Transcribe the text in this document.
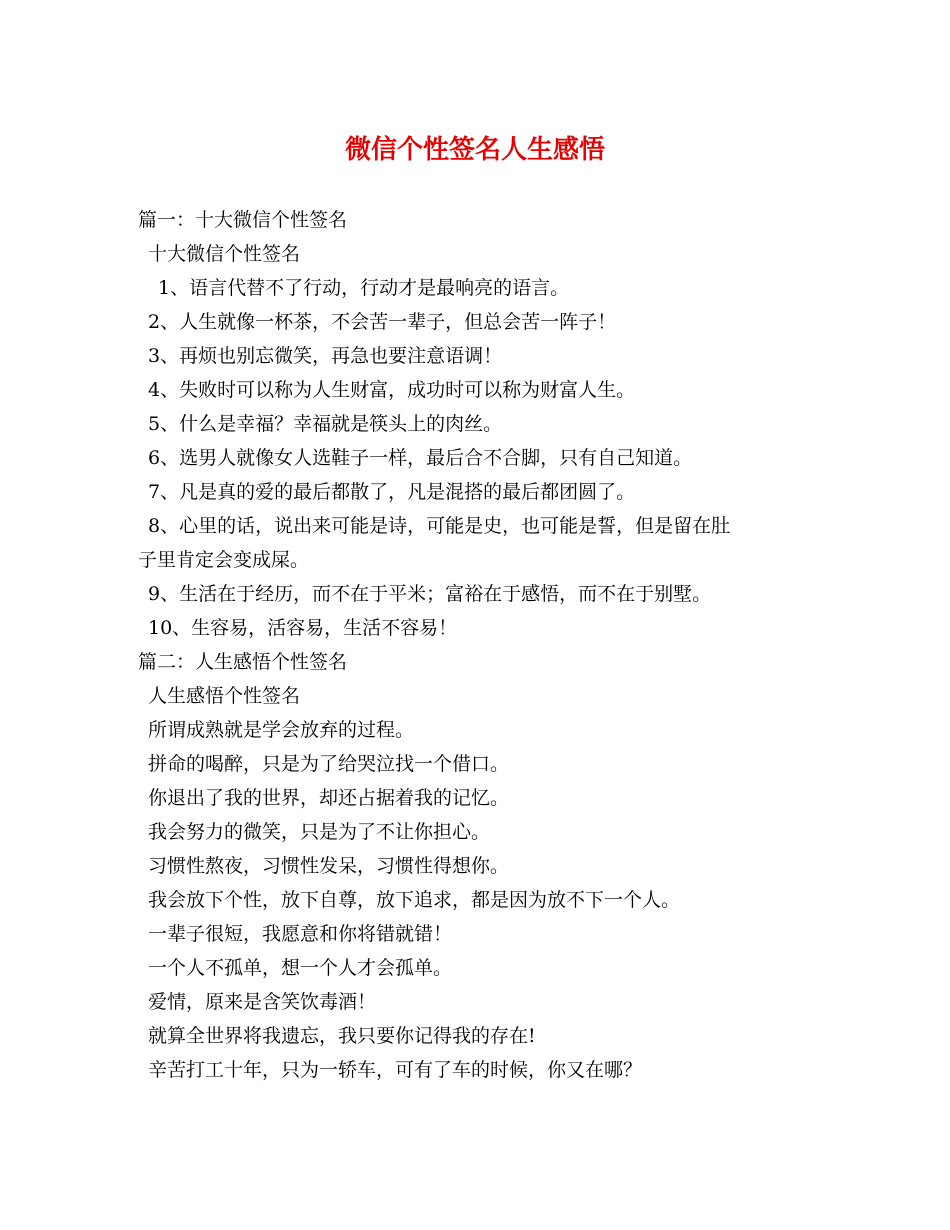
微信个性签名人生感悟

篇一：十大微信个性签名

十大微信个性签名

1、语言代替不了行动，行动才是最响亮的语言。

2、人生就像一杯茶，不会苦一辈子，但总会苦一阵子！

3、再烦也别忘微笑，再急也要注意语调！

4、失败时可以称为人生财富，成功时可以称为财富人生。

5、什么是幸福？幸福就是筷头上的肉丝。

6、选男人就像女人选鞋子一样，最后合不合脚，只有自己知道。

7、凡是真的爱的最后都散了，凡是混搭的最后都团圆了。

8、心里的话，说出来可能是诗，可能是史，也可能是誓，但是留在肚

子里肯定会变成屎。

9、生活在于经历，而不在于平米；富裕在于感悟，而不在于别墅。

10、生容易，活容易，生活不容易！

篇二：人生感悟个性签名

人生感悟个性签名

所谓成熟就是学会放弃的过程。

拼命的喝醉，只是为了给哭泣找一个借口。

你退出了我的世界，却还占据着我的记忆。

我会努力的微笑，只是为了不让你担心。

习惯性熬夜，习惯性发呆，习惯性得想你。

我会放下个性，放下自尊，放下追求，都是因为放不下一个人。

一辈子很短，我愿意和你将错就错！

一个人不孤单，想一个人才会孤单。

爱情，原来是含笑饮毒酒！

就算全世界将我遗忘，我只要你记得我的存在!

辛苦打工十年，只为一轿车，可有了车的时候，你又在哪？
